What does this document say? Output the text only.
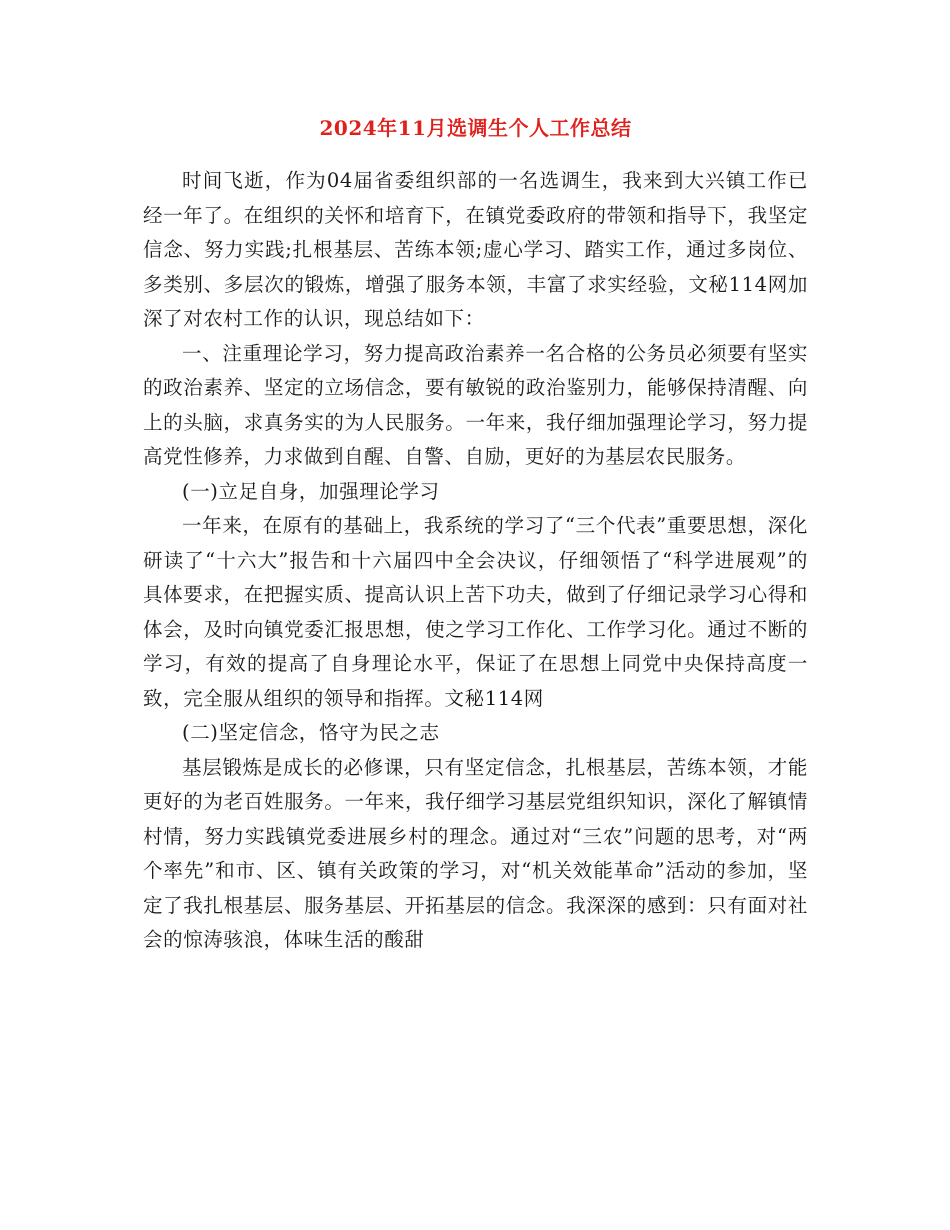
2024年11月选调生个人工作总结

时间飞逝，作为04届省委组织部的一名选调生，我来到大兴镇工作已经一年了。在组织的关怀和培育下，在镇党委政府的带领和指导下，我坚定信念、努力实践;扎根基层、苦练本领;虚心学习、踏实工作，通过多岗位、多类别、多层次的锻炼，增强了服务本领，丰富了求实经验，文秘114网加深了对农村工作的认识，现总结如下：

一、注重理论学习，努力提高政治素养一名合格的公务员必须要有坚实的政治素养、坚定的立场信念，要有敏锐的政治鉴别力，能够保持清醒、向上的头脑，求真务实的为人民服务。一年来，我仔细加强理论学习，努力提高党性修养，力求做到自醒、自警、自励，更好的为基层农民服务。

(一)立足自身，加强理论学习

一年来，在原有的基础上，我系统的学习了“三个代表”重要思想，深化研读了“十六大”报告和十六届四中全会决议，仔细领悟了“科学进展观”的具体要求，在把握实质、提高认识上苦下功夫，做到了仔细记录学习心得和体会，及时向镇党委汇报思想，使之学习工作化、工作学习化。通过不断的学习，有效的提高了自身理论水平，保证了在思想上同党中央保持高度一致，完全服从组织的领导和指挥。文秘114网

(二)坚定信念，恪守为民之志

基层锻炼是成长的必修课，只有坚定信念，扎根基层，苦练本领，才能更好的为老百姓服务。一年来，我仔细学习基层党组织知识，深化了解镇情村情，努力实践镇党委进展乡村的理念。通过对“三农”问题的思考，对“两个率先”和市、区、镇有关政策的学习，对“机关效能革命”活动的参加，坚定了我扎根基层、服务基层、开拓基层的信念。我深深的感到：只有面对社会的惊涛骇浪，体味生活的酸甜
